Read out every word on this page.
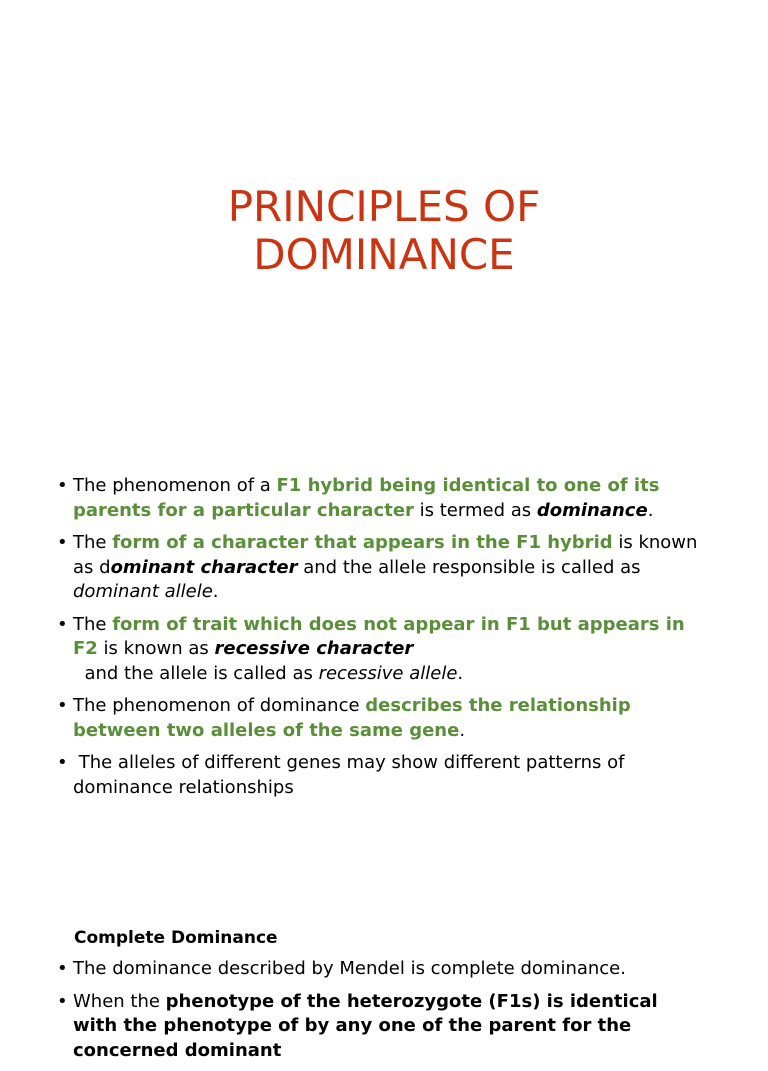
PRINCIPLES OF
DOMINANCE
• The phenomenon of a F1 hybrid being identical to one of its parents for a particular character is termed as dominance.
• The form of a character that appears in the F1 hybrid is known as dominant character and the allele responsible is called as dominant allele.
• The form of trait which does not appear in F1 but appears in F2 is known as recessive character  and the allele is called as recessive allele.
• The phenomenon of dominance describes the relationship between two alleles of the same gene.
• The alleles of different genes may show different patterns of dominance relationships
Complete Dominance
• The dominance described by Mendel is complete dominance.
• When the phenotype of the heterozygote (F1s) is identical with the phenotype of by any one of the parent for the concerned dominant
